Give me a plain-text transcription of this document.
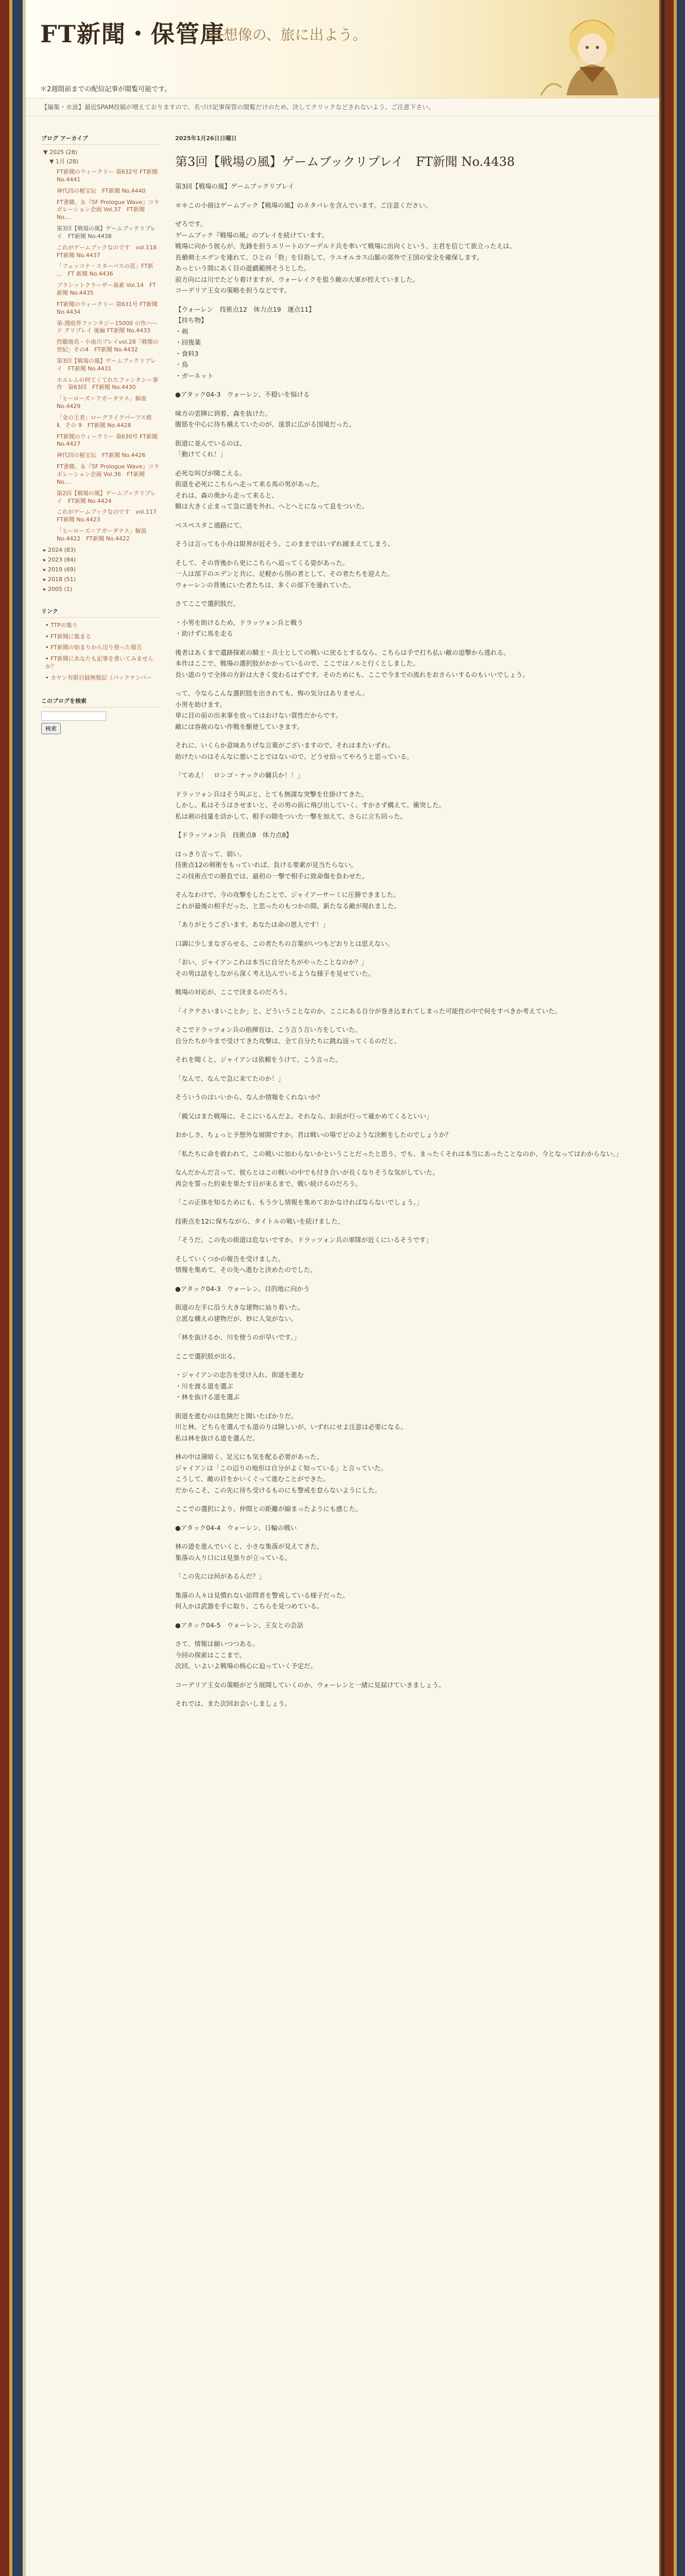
FT新聞・保管庫
──想像の、旅に出よう。
＊2週間前までの配信記事が閲覧可能です。
【編集・水波】最近SPAM投稿が増えておりますので、名づけ記事保管の閲覧だけのため、決してクリックなどされないよう、ご注意下さい。
ブログ アーカイブ
▼ 2025 (28)
▼ 1月 (28)
FT新聞のウィークリー 第632号 FT新聞 No.4441
神代四の秘宝伝　FT新聞 No.4440
FT書籍、＆『SF Prologue Wave』コラボレーション企画 Vol.37　FT新聞 No....
第3回【戦場の風】ゲームブックリプレイ　FT新聞 No.4438
これがゲームブックなのです　vol.118　FT新聞 No.4437
「フェッコナ・スターパスの思」FT新 ...　FT 新聞 No.4436
ブラシットクラーザー基素 Vol.14　FT新聞 No.4435
FT新聞のウィークリー 第631号 FT新聞 No.4434
第-漫庭界ファンタジー15000 の作ハード グリプレイ 後編 FT新聞 No.4433
控聴地名・小南川プレイvol.28「戦慄の世紀」その4　FT新聞 No.4432
第3回【戦場の風】ゲームブックリプレイ　FT新聞 No.4431
ホエレムの何てくてれたファンタシー事作　第63回　FT新聞 No.4430
「ヒーローズ＝アガーダナス」解説 No.4429
「金の王者」ローグライクパーフス格Ⅱ．その 9　FT新聞 No.4428
FT新聞のウィークリー 第630号 FT新聞 No.4427
神代四の秘宝伝　FT新聞 No.4426
FT書籍、＆『SF Prologue Wave』コラボレーション企画 Vol.36　FT新聞 No....
第2回【戦場の風】ゲームブックリプレイ　FT新聞 No.4424
これがゲームブックなのです　vol.117　FT新聞 No.4423
「ヒーローズ＝アガーダナス」解説 No.4422　FT新聞 No.4422
▸ 2024 (83)
▸ 2023 (84)
▸ 2019 (69)
▸ 2018 (51)
▸ 2005 (1)
リンク
• TTPの集り
• FT新聞に集まる
• FT新聞の始まりから辺り使った報告
• FT新聞にあなたも記事を書いてみませんか？
• カヤン有限目録無報記（パックケンバー
このブログを検索

検索
2025年1月26日日曜日
第3回【戦場の風】ゲームブックリプレイ　FT新聞 No.4438

第3回【戦場の風】ゲームブックリプレイ

＊＊この小冊はゲームブック【戦場の風】のネタバレを含んでいます。ご注意ください。

ぜろです。
ゲームブック『戦場の風』のプレイを続けています。
戦場に向かう彼らが、先鋒を担うエリートのアーデルド兵を率いて戦場に出向くという、主君を信じて旅立ったえは、
長槍剣士エデンを連れて、ひとの「砦」を目指して、ラユオルカス山脈の郊外で王国の安全を確保します。
あっという間にあく目の遊戯範囲そうとした。
前方向には川でたどり着けますが、ウォーレイクを狙う敵の大軍が控えていました。
コーデリア王女の策略を担うなどです。

【ウォーレン　技術点12　体力点19　運点11】
【持ち物】
・剣
・回復薬
・食料3
・鳥
・ガーネット

●アタック04-3　ウォーレン、不穏いを悩ける

味方の雲陣に到着、森を抜けた。
腹筋を中心に待ち構えていたのが、遠景に広がる国境だった。

街道に並んでいるのは、
「動けてくれ！」

必死な叫びが聞こえる。
街道を必死にこちらへ走って来る馬の男があった。
それは、森の奥から走って来ると、
騎は大きく止まって急に道を外れ、へとへとになって息をついた。

ベスペスタこ通路にて。

そうは言っても小舟は限界が近そう。このままではいずれ捕まえてしまう。

そして、その背後から更にこちらへ追ってくる姿があった。
一人は部下のエデンと共に、足軽から別の者として、その者たちを迎えた。
ウォーレンの背後にいた者たちは、多くの部下を連れていた。

さてここで選択肢だ。

・小男を助けるため、ドラッツォン兵と戦う
・助けずに馬を走る

後者はあくまで遺跡探索の騎士・兵士としての戦いに戻るとするなら、こちらは手で打ち払い敵の追撃から逃れる。
本作はここで、戦場の選択肢がかかっているので、ここではノルと行くとしました。
長い道のりで全体の方針は大きく変わるはずです。そのためにも、ここで今までの流れをおさらいするのもいいでしょう。

って、今ならこんな選択肢を出されても、悔の気分はありません。
小男を助けます。
単に目の前の出来事を放ってはおけない質性だからです。
敵には容赦のない作戦を駆使していきます。

それに、いくらか意味ありげな言葉がございますので、それはまたいずれ。
助けたいのはそんなに悪いことではないので、どうせ拾ってやろうと思っている。

「てめえ！　ロンゴ・ナックの傭兵か！！」

ドラッツォン兵はそう叫ぶと、とても無謀な突撃を仕掛けてきた。
しかし、私はそうはさせまいと、その男の前に飛び出していく。すかさず構えて、衝突した。
私は剣の技量を活かして、相手の隙をついた一撃を加えて、さらに立ち回った。

【ドラッツォン兵　技術点8　体力点8】

はっきり言って、弱い。
技術点12の剣術をもっていれば、負ける要素が見当たらない。
この技術点での勝負では、最初の一撃で相手に致命傷を負わせた。

そんなわけで、今の攻撃をしたことで、ジャイアーサーミに圧勝できました。
これが最後の相手だった、と思ったのもつかの間、新たなる敵が現れました。

「ありがとうございます。あなたは命の恩人です！」

口調に少しまなざらせる。この者たちの言葉がいつもどおりとは思えない。

「おい、ジャイアンこれは本当に自分たちがやったことなのか？」
その男は話をしながら深く考え込んでいるような様子を見せていた。

戦場の対応が、ここで決まるのだろう。

「イクテさいまいことか」と、どういうことなのか、ここにある自分が巻き込まれてしまった可能性の中で何をすべきか考えていた。

そこでドラッツォン兵の指揮官は、こう言う言い方をしていた。
自分たちが今まで受けてきた攻撃は、全て自分たちに跳ね返ってくるのだと。

それを聞くと、ジャイアンは依頼をうけて、こう言った。

「なんで、なんで急に来てたのか！」

そういうのはいいから、なんか情報をくれないか？

「親父はまた戦場に、そこにいるんだよ。それなら、お前が行って確かめてくるといい」

おかしさ、ちょっと予想外な展開ですか。君は戦いの場でどのような決断をしたのでしょうか？

「私たちに命を救われて、この戦いに加わらないかということだったと思う。でも、まったくそれは本当にあったことなのか、今となってはわからない。」

なんだかんだ言って、彼らとはこの戦いの中でも付き合いが長くなりそうな気がしていた。
再会を誓った約束を果たす日が来るまで、戦い続けるのだろう。

「この正体を知るためにも、もう少し情報を集めておかなければならないでしょう。」

技術点を12に保ちながら、タイトルの戦いを続けました。

「そうだ。この先の街道は危ないですか。ドラッツォン兵の軍隊が近くにいるそうです」

そしていくつかの報告を受けました。
情報を集めて、その先へ進むと決めたのでした。

●アタック04-3　ウォーレン、目的地に向かう

街道の左手に沿う大きな建物に辿り着いた。
立派な構えの建物だが、妙に人気がない。

「林を抜けるか、川を使うのが早いです。」

ここで選択肢が出る。

・ジャイアンの忠告を受け入れ、街道を進む
・川を渡る道を選ぶ
・林を抜ける道を選ぶ

街道を進むのは危険だと聞いたばかりだ。
川と林、どちらを選んでも道のりは険しいが、いずれにせよ注意は必要になる。
私は林を抜ける道を選んだ。

林の中は薄暗く、足元にも気を配る必要があった。
ジャイアンは「この辺りの地形は自分がよく知っている」と言っていた。
こうして、敵の目をかいくぐって進むことができた。
だからこそ、この先に待ち受けるものにも警戒を怠らないようにした。

ここでの選択により、仲間との距離が縮まったようにも感じた。

●アタック04-4　ウォーレン、日輪の戦い

林の道を進んでいくと、小さな集落が見えてきた。
集落の入り口には見張りが立っている。

「この先には何があるんだ？」

集落の人々は見慣れない訪問者を警戒している様子だった。
何人かは武器を手に取り、こちらを見つめている。

●アタック04-5　ウォーレン、王女との会話

さて、情報は揃いつつある。
今回の探索はここまで。
次回、いよいよ戦場の核心に迫っていく予定だ。

コーデリア王女の策略がどう展開していくのか、ウォーレンと一緒に見届けていきましょう。

それでは、また次回お会いしましょう。
